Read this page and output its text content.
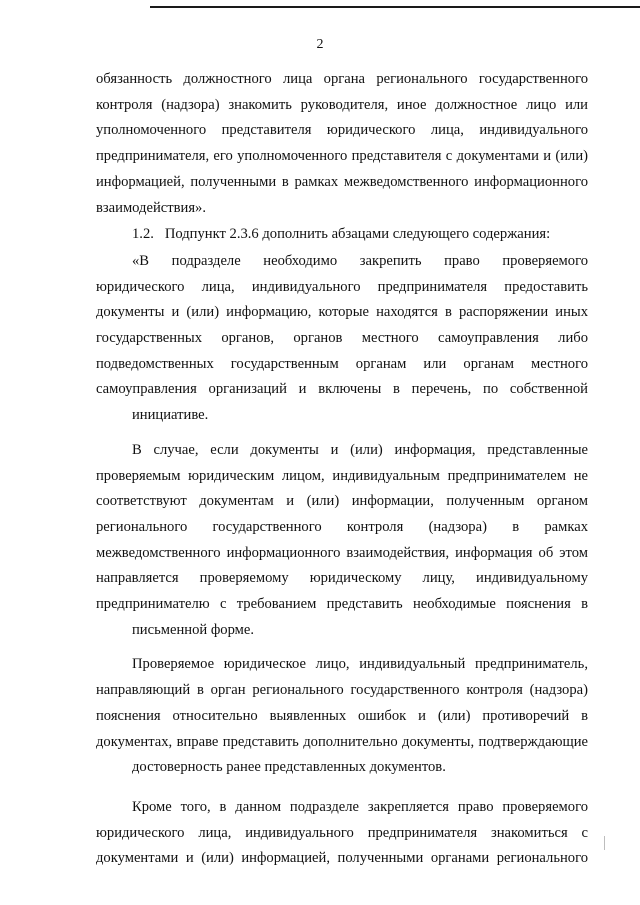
2

обязанность должностного лица органа регионального государственного
контроля (надзора) знакомить руководителя, иное должностное лицо или
уполномоченного представителя юридического лица, индивидуального
предпринимателя, его уполномоченного представителя с документами и (или)
информацией, полученными в рамках межведомственного информационного

взаимодействия».

1.2.   Подпункт 2.3.6 дополнить абзацами следующего содержания:

«В подразделе необходимо закрепить право проверяемого
юридического лица, индивидуального предпринимателя предоставить
документы и (или) информацию, которые находятся в распоряжении иных
государственных органов, органов местного самоуправления либо
подведомственных государственным органам или органам местного
самоуправления организаций и включены в перечень, по собственной

инициативе.

В случае, если документы и (или) информация, представленные
проверяемым юридическим лицом, индивидуальным предпринимателем не
соответствуют документам и (или) информации, полученным органом
регионального государственного контроля (надзора) в рамках
межведомственного информационного взаимодействия, информация об этом
направляется проверяемому юридическому лицу, индивидуальному
предпринимателю с требованием представить необходимые пояснения в

письменной форме.

Проверяемое юридическое лицо, индивидуальный предприниматель,
направляющий в орган регионального государственного контроля (надзора)
пояснения относительно выявленных ошибок и (или) противоречий в
документах, вправе представить дополнительно документы, подтверждающие

достоверность ранее представленных документов.

Кроме того, в данном подразделе закрепляется право проверяемого
юридического лица, индивидуального предпринимателя знакомиться с
документами и (или) информацией, полученными органами регионального
